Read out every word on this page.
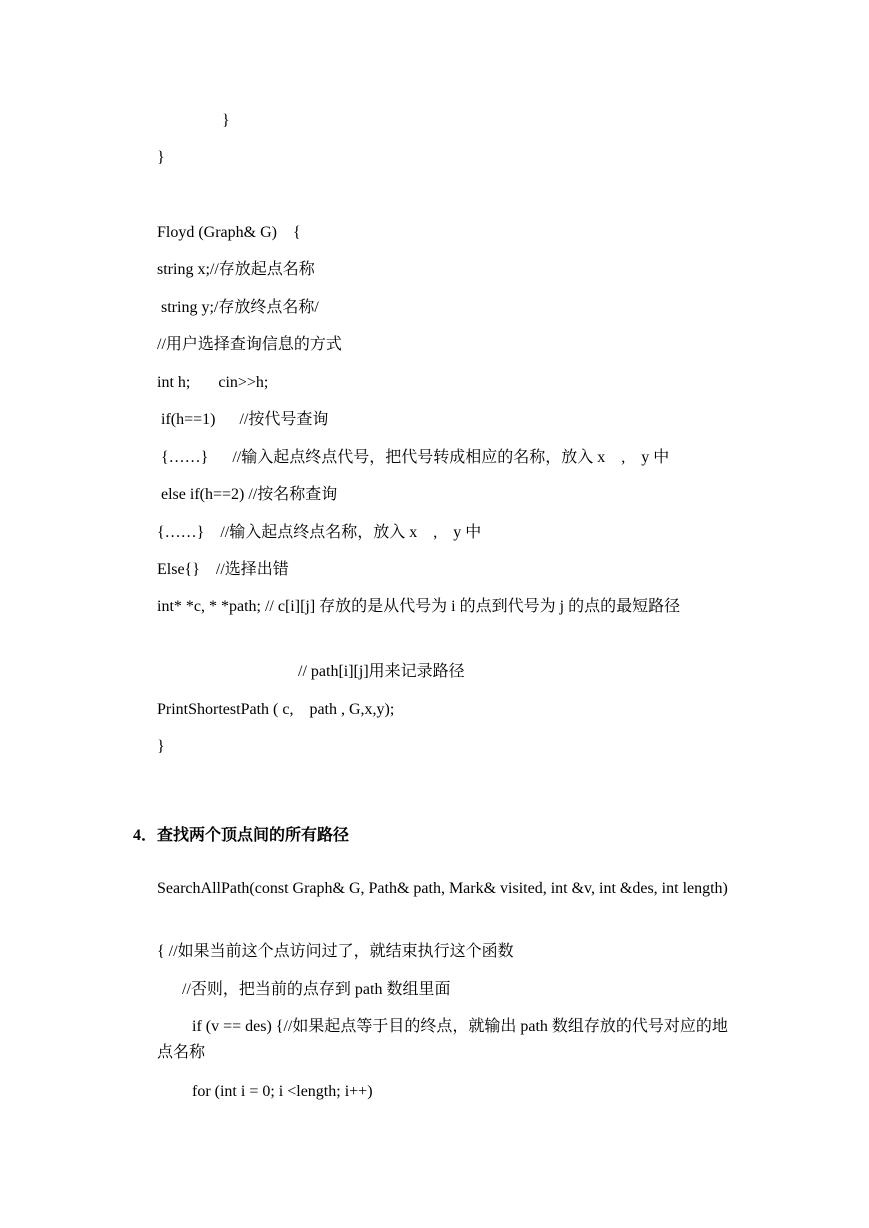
}

}

Floyd (Graph& G)    {

string x;//存放起点名称

string y;/存放终点名称/

//用户选择查询信息的方式

int h;       cin>>h;

if(h==1)      //按代号查询

{……}      //输入起点终点代号，把代号转成相应的名称，放入 x    ,    y 中

else if(h==2) //按名称查询

{……}    //输入起点终点名称，放入 x    ,    y 中

Else{}    //选择出错

int* *c, * *path; // c[i][j] 存放的是从代号为 i 的点到代号为 j 的点的最短路径

// path[i][j]用来记录路径

PrintShortestPath ( c,    path , G,x,y);

}

4．查找两个顶点间的所有路径

SearchAllPath(const Graph& G, Path& path, Mark& visited, int &v, int &des, int length)

{ //如果当前这个点访问过了，就结束执行这个函数

//否则，把当前的点存到 path 数组里面

if (v == des) {//如果起点等于目的终点，就输出 path 数组存放的代号对应的地点名称

for (int i = 0; i <length; i++)
